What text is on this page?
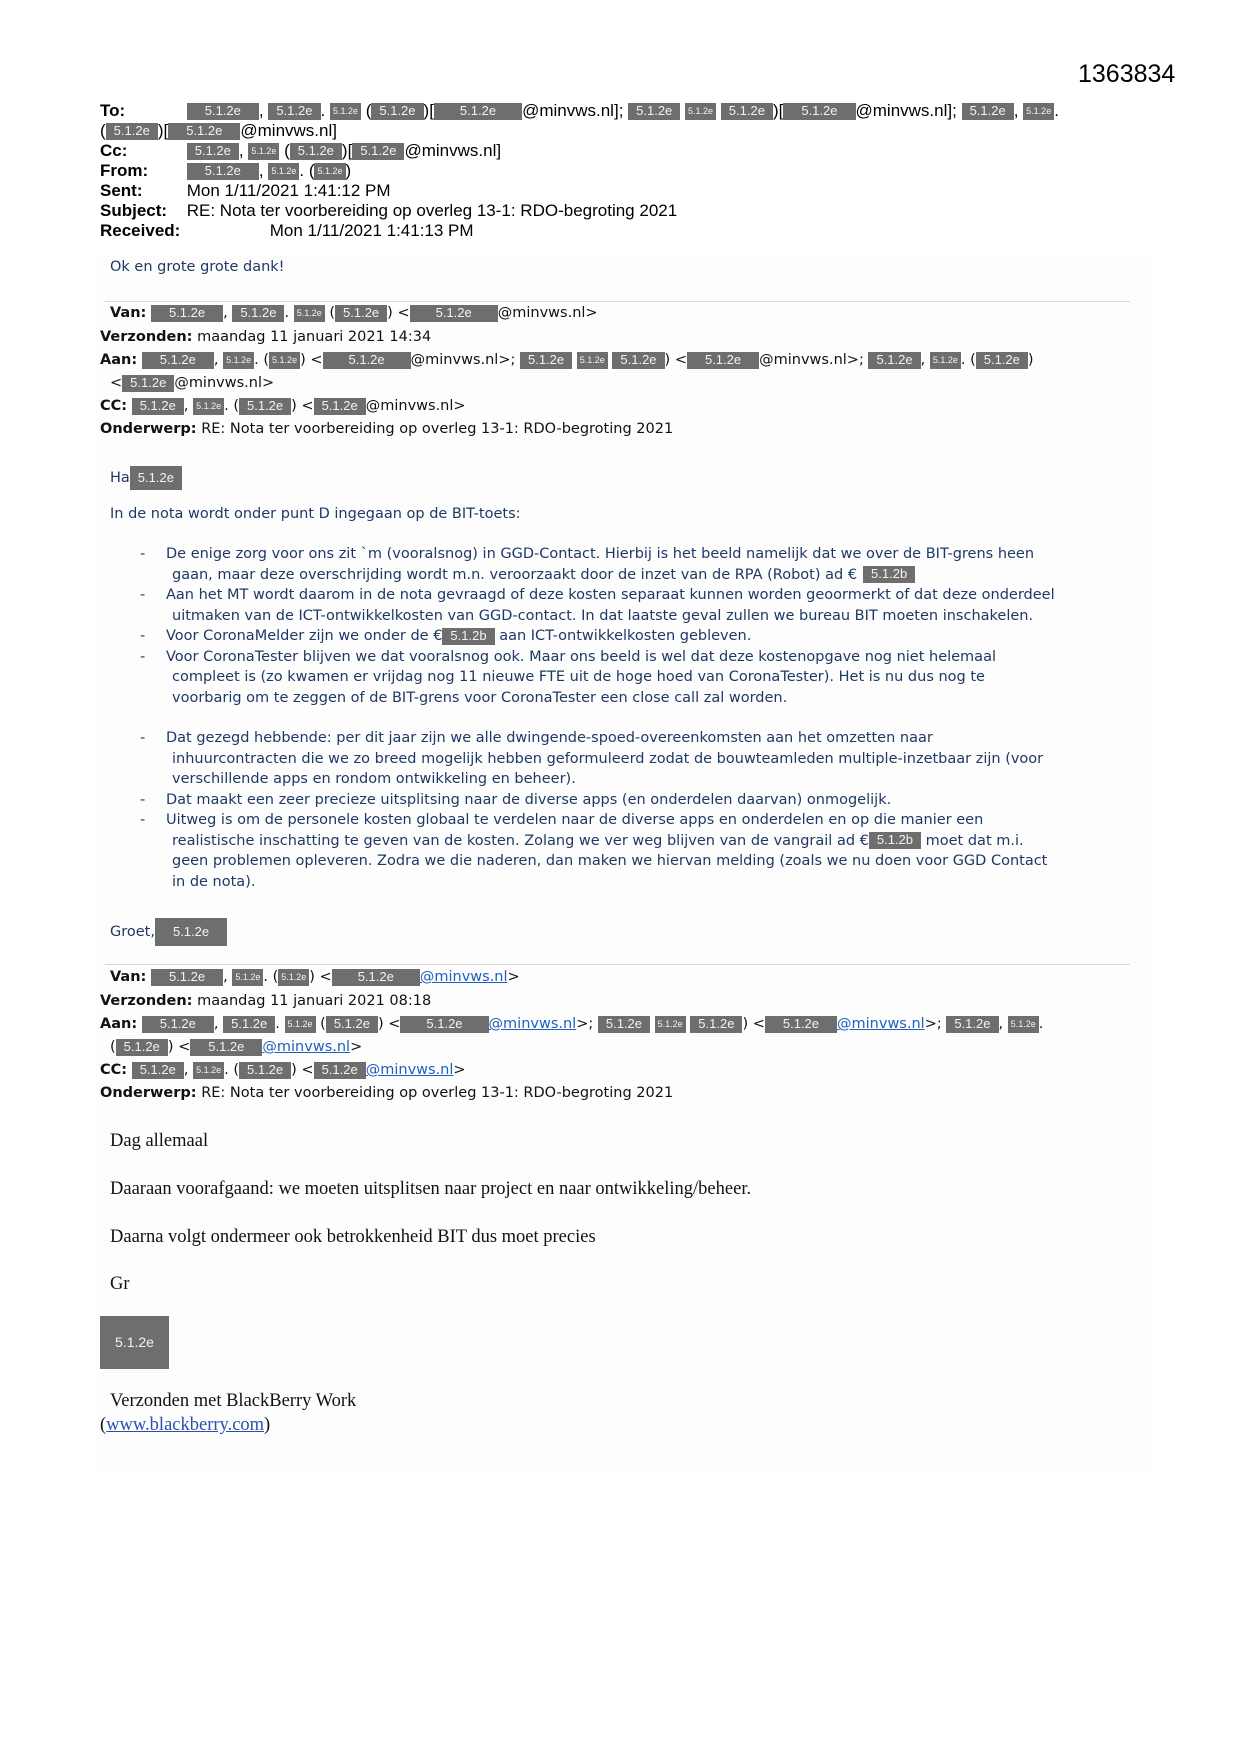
1363834
To:	5.1.2e , 5.1.2e . 5.1.2e ( 5.1.2e )[ 5.1.2e @minvws.nl]; 5.1.2e 5.1.2e 5.1.2e )[ 5.1.2e @minvws.nl]; 5.1.2e , 5.1.2e .
( 5.1.2e )[ 5.1.2e @minvws.nl]
Cc:	5.1.2e , 5.1.2e ( 5.1.2e )[ 5.1.2e @minvws.nl]
From:	5.1.2e , 5.1.2e . ( 5.1.2e )
Sent:	Mon 1/11/2021 1:41:12 PM
Subject: RE: Nota ter voorbereiding op overleg 13-1: RDO-begroting 2021
Received:	Mon 1/11/2021 1:41:13 PM
Ok en grote grote dank!
Van: 5.1.2e , 5.1.2e . 5.1.2e ( 5.1.2e ) < 5.1.2e @minvws.nl>
Verzonden: maandag 11 januari 2021 14:34
Aan: 5.1.2e , 5.1.2e . ( 5.1.2e ) < 5.1.2e @minvws.nl>; 5.1.2e 5.1.2e 5.1.2e ) < 5.1.2e @minvws.nl>; 5.1.2e , 5.1.2e . ( 5.1.2e )
< 5.1.2e @minvws.nl>
CC: 5.1.2e , 5.1.2e . ( 5.1.2e ) < 5.1.2e @minvws.nl>
Onderwerp: RE: Nota ter voorbereiding op overleg 13-1: RDO-begroting 2021
Ha 5.1.2e
In de nota wordt onder punt D ingegaan op de BIT-toets:
- De enige zorg voor ons zit `m (vooralsnog) in GGD-Contact. Hierbij is het beeld namelijk dat we over de BIT-grens heen
gaan, maar deze overschrijding wordt m.n. veroorzaakt door de inzet van de RPA (Robot) ad € 5.1.2b
- Aan het MT wordt daarom in de nota gevraagd of deze kosten separaat kunnen worden geoormerkt of dat deze onderdeel
uitmaken van de ICT-ontwikkelkosten van GGD-contact. In dat laatste geval zullen we bureau BIT moeten inschakelen.
- Voor CoronaMelder zijn we onder de € 5.1.2b aan ICT-ontwikkelkosten gebleven.
- Voor CoronaTester blijven we dat vooralsnog ook. Maar ons beeld is wel dat deze kostenopgave nog niet helemaal
compleet is (zo kwamen er vrijdag nog 11 nieuwe FTE uit de hoge hoed van CoronaTester). Het is nu dus nog te
voorbarig om te zeggen of de BIT-grens voor CoronaTester een close call zal worden.
- Dat gezegd hebbende: per dit jaar zijn we alle dwingende-spoed-overeenkomsten aan het omzetten naar
inhuurcontracten die we zo breed mogelijk hebben geformuleerd zodat de bouwteamleden multiple-inzetbaar zijn (voor
verschillende apps en rondom ontwikkeling en beheer).
- Dat maakt een zeer precieze uitsplitsing naar de diverse apps (en onderdelen daarvan) onmogelijk.
- Uitweg is om de personele kosten globaal te verdelen naar de diverse apps en onderdelen en op die manier een
realistische inschatting te geven van de kosten. Zolang we ver weg blijven van de vangrail ad € 5.1.2b moet dat m.i.
geen problemen opleveren. Zodra we die naderen, dan maken we hiervan melding (zoals we nu doen voor GGD Contact
in de nota).
Groet, 5.1.2e
Van: 5.1.2e , 5.1.2e . ( 5.1.2e ) < 5.1.2e @minvws.nl>
Verzonden: maandag 11 januari 2021 08:18
Aan: 5.1.2e , 5.1.2e . 5.1.2e ( 5.1.2e ) < 5.1.2e @minvws.nl>; 5.1.2e 5.1.2e 5.1.2e ) < 5.1.2e @minvws.nl>; 5.1.2e , 5.1.2e .
( 5.1.2e ) < 5.1.2e @minvws.nl>
CC: 5.1.2e , 5.1.2e . ( 5.1.2e ) < 5.1.2e @minvws.nl>
Onderwerp: RE: Nota ter voorbereiding op overleg 13-1: RDO-begroting 2021
Dag allemaal
Daaraan voorafgaand: we moeten uitsplitsen naar project en naar ontwikkeling/beheer.
Daarna volgt ondermeer ook betrokkenheid BIT dus moet precies
Gr
5.1.2e
Verzonden met BlackBerry Work
(www.blackberry.com)
